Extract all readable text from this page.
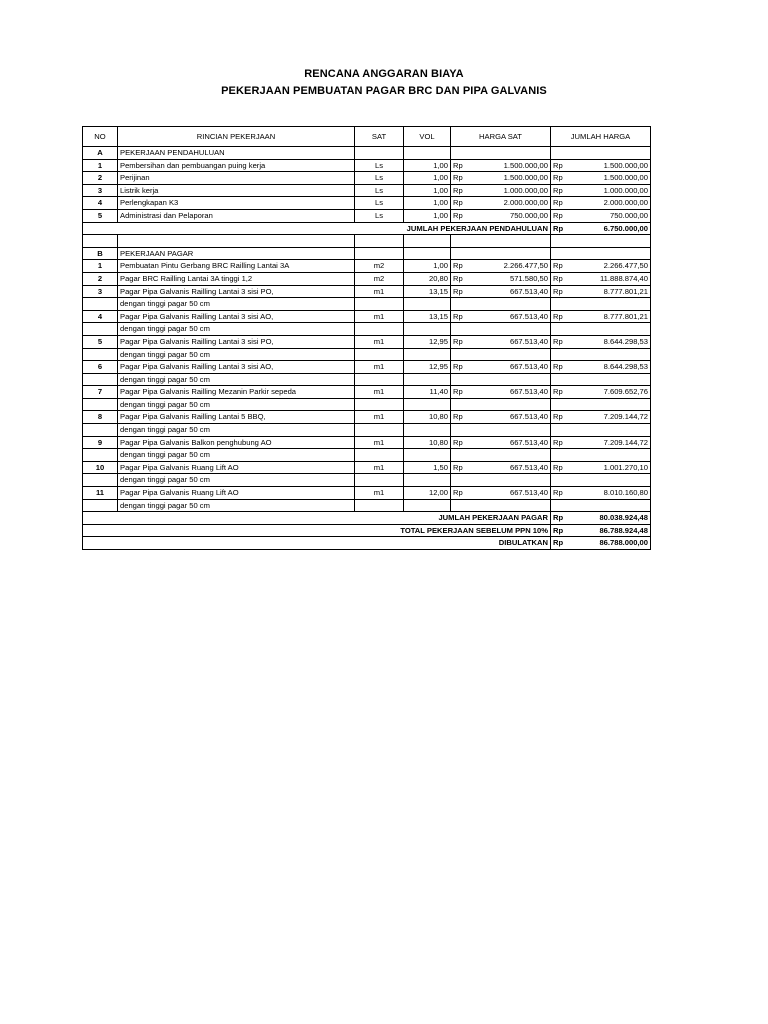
RENCANA ANGGARAN BIAYA
PEKERJAAN PEMBUATAN PAGAR BRC DAN PIPA GALVANIS
NO	RINCIAN PEKERJAAN	SAT	VOL	HARGA SAT		JUMLAH HARGA	
A	PEKERJAAN PENDAHULUAN						
1	Pembersihan dan pembuangan puing kerja	Ls	1,00	Rp	1.500.000,00	Rp	1.500.000,00
2	Perijinan	Ls	1,00	Rp	1.500.000,00	Rp	1.500.000,00
3	Listrik kerja	Ls	1,00	Rp	1.000.000,00	Rp	1.000.000,00
4	Perlengkapan K3	Ls	1,00	Rp	2.000.000,00	Rp	2.000.000,00
5	Administrasi dan Pelaporan	Ls	1,00	Rp	750.000,00	Rp	750.000,00
JUMLAH PEKERJAAN PENDAHULUAN						Rp	6.750.000,00

B	PEKERJAAN PAGAR						
1	Pembuatan Pintu Gerbang BRC Railling Lantai 3A	m2	1,00	Rp	2.266.477,50	Rp	2.266.477,50
2	Pagar BRC Railling Lantai 3A tinggi 1,2	m2	20,80	Rp	571.580,50	Rp	11.888.874,40
3	Pagar Pipa Galvanis Railling Lantai 3 sisi PO,	m1	13,15	Rp	667.513,40	Rp	8.777.801,21
	dengan tinggi pagar 50 cm						
4	Pagar Pipa Galvanis Railling Lantai 3 sisi AO,	m1	13,15	Rp	667.513,40	Rp	8.777.801,21
	dengan tinggi pagar 50 cm						
5	Pagar Pipa Galvanis Railling Lantai 3 sisi PO,	m1	12,95	Rp	667.513,40	Rp	8.644.298,53
	dengan tinggi pagar 50 cm						
6	Pagar Pipa Galvanis Railling Lantai 3 sisi AO,	m1	12,95	Rp	667.513,40	Rp	8.644.298,53
	dengan tinggi pagar 50 cm						
7	Pagar Pipa Galvanis Railling Mezanin Parkir sepeda	m1	11,40	Rp	667.513,40	Rp	7.609.652,76
	dengan tinggi pagar 50 cm						
8	Pagar Pipa Galvanis Railling Lantai 5 BBQ,	m1	10,80	Rp	667.513,40	Rp	7.209.144,72
	dengan tinggi pagar 50 cm						
9	Pagar Pipa Galvanis Balkon penghubung AO	m1	10,80	Rp	667.513,40	Rp	7.209.144,72
	dengan tinggi pagar 50 cm						
10	Pagar Pipa Galvanis Ruang Lift AO	m1	1,50	Rp	667.513,40	Rp	1.001.270,10
	dengan tinggi pagar 50 cm						
11	Pagar Pipa Galvanis Ruang Lift AO	m1	12,00	Rp	667.513,40	Rp	8.010.160,80
	dengan tinggi pagar 50 cm						
JUMLAH PEKERJAAN PAGAR						Rp	80.038.924,48
TOTAL PEKERJAAN SEBELUM PPN 10%						Rp	86.788.924,48
DIBULATKAN						Rp	86.788.000,00
